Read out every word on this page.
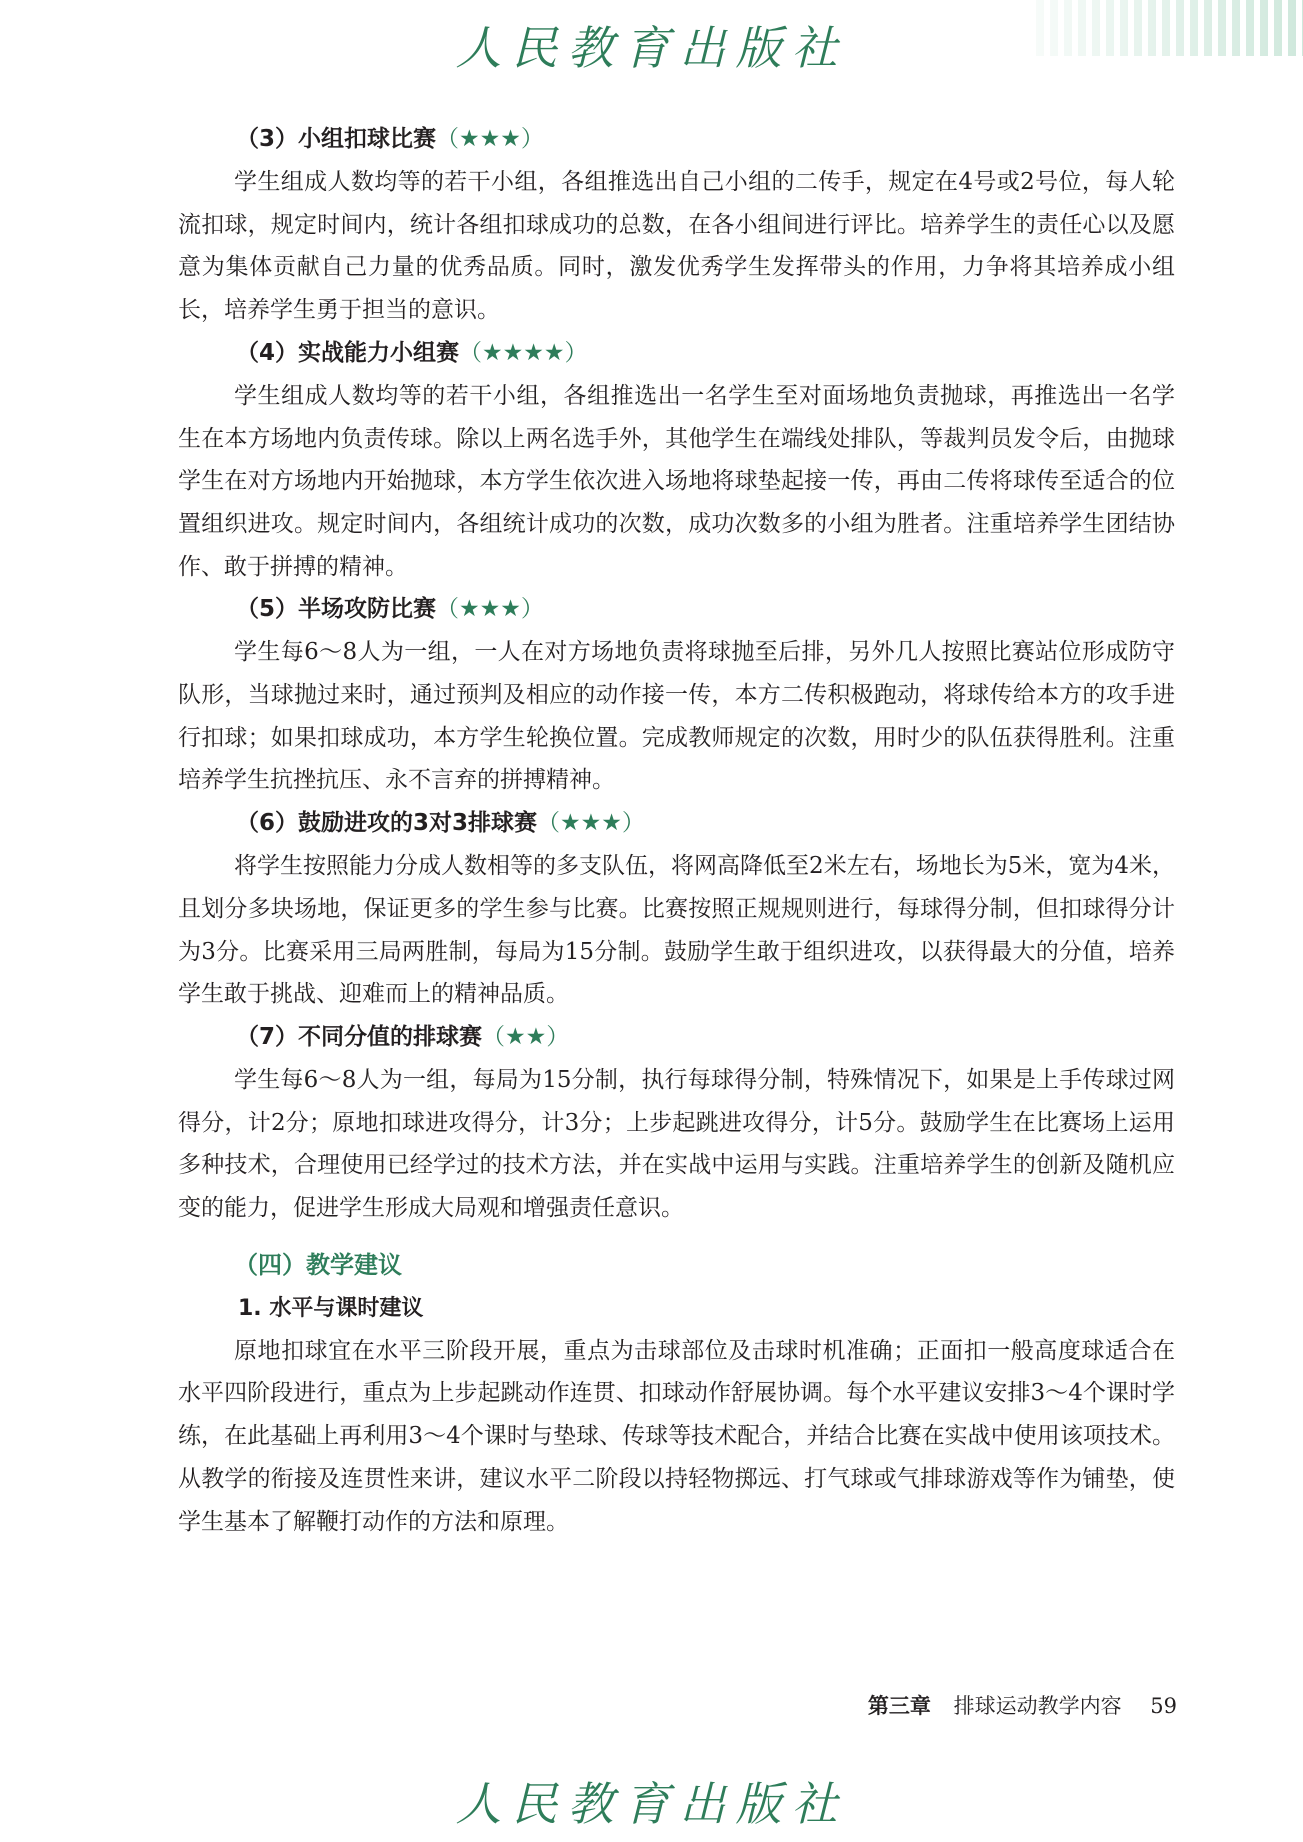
人民教育出版社

（3）小组扣球比赛（★★★）

学生组成人数均等的若干小组，各组推选出自己小组的二传手，规定在4号或2号位，每人轮流扣球，规定时间内，统计各组扣球成功的总数，在各小组间进行评比。培养学生的责任心以及愿意为集体贡献自己力量的优秀品质。同时，激发优秀学生发挥带头的作用，力争将其培养成小组长，培养学生勇于担当的意识。

（4）实战能力小组赛（★★★★）

学生组成人数均等的若干小组，各组推选出一名学生至对面场地负责抛球，再推选出一名学生在本方场地内负责传球。除以上两名选手外，其他学生在端线处排队，等裁判员发令后，由抛球学生在对方场地内开始抛球，本方学生依次进入场地将球垫起接一传，再由二传将球传至适合的位置组织进攻。规定时间内，各组统计成功的次数，成功次数多的小组为胜者。注重培养学生团结协作、敢于拼搏的精神。

（5）半场攻防比赛（★★★）

学生每6～8人为一组，一人在对方场地负责将球抛至后排，另外几人按照比赛站位形成防守队形，当球抛过来时，通过预判及相应的动作接一传，本方二传积极跑动，将球传给本方的攻手进行扣球；如果扣球成功，本方学生轮换位置。完成教师规定的次数，用时少的队伍获得胜利。注重培养学生抗挫抗压、永不言弃的拼搏精神。

（6）鼓励进攻的3对3排球赛（★★★）

将学生按照能力分成人数相等的多支队伍，将网高降低至2米左右，场地长为5米，宽为4米，且划分多块场地，保证更多的学生参与比赛。比赛按照正规规则进行，每球得分制，但扣球得分计为3分。比赛采用三局两胜制，每局为15分制。鼓励学生敢于组织进攻，以获得最大的分值，培养学生敢于挑战、迎难而上的精神品质。

（7）不同分值的排球赛（★★）

学生每6～8人为一组，每局为15分制，执行每球得分制，特殊情况下，如果是上手传球过网得分，计2分；原地扣球进攻得分，计3分；上步起跳进攻得分，计5分。鼓励学生在比赛场上运用多种技术，合理使用已经学过的技术方法，并在实战中运用与实践。注重培养学生的创新及随机应变的能力，促进学生形成大局观和增强责任意识。

（四）教学建议

1. 水平与课时建议

原地扣球宜在水平三阶段开展，重点为击球部位及击球时机准确；正面扣一般高度球适合在水平四阶段进行，重点为上步起跳动作连贯、扣球动作舒展协调。每个水平建议安排3～4个课时学练，在此基础上再利用3～4个课时与垫球、传球等技术配合，并结合比赛在实战中使用该项技术。从教学的衔接及连贯性来讲，建议水平二阶段以持轻物掷远、打气球或气排球游戏等作为铺垫，使学生基本了解鞭打动作的方法和原理。

第三章 排球运动教学内容 59
人民教育出版社
